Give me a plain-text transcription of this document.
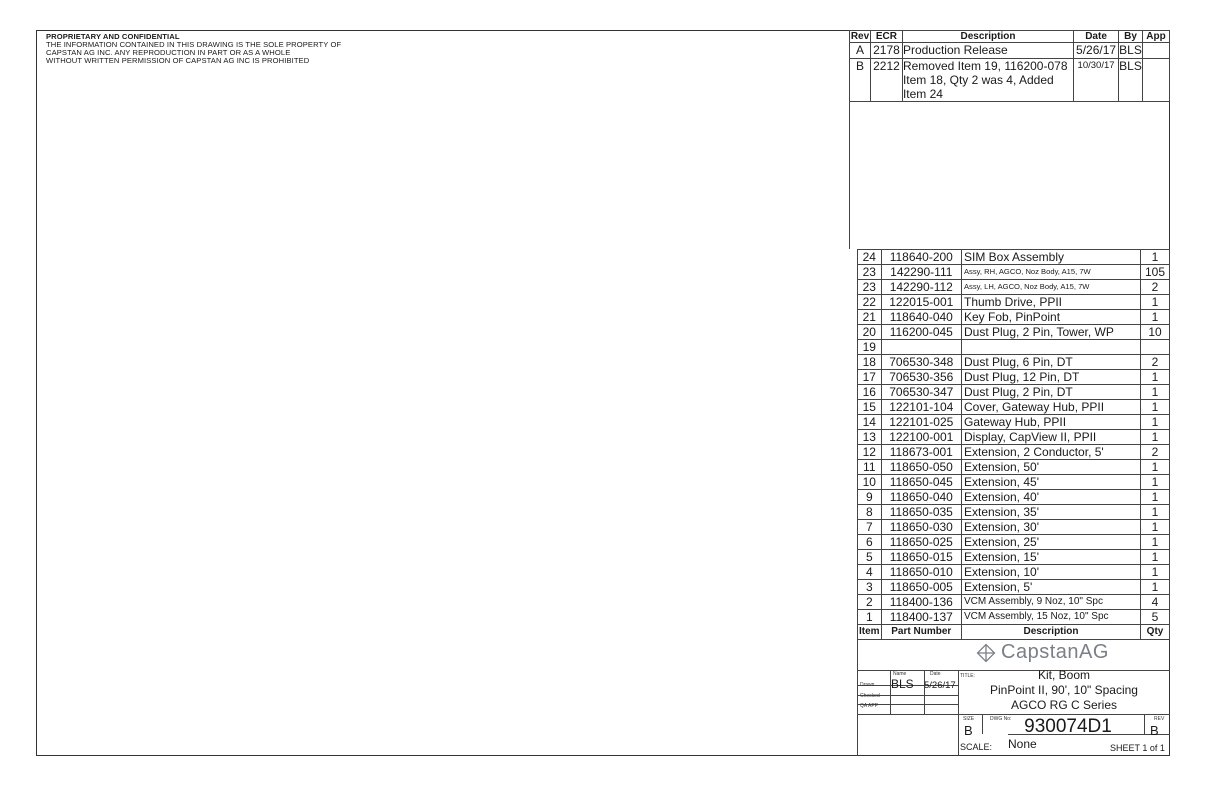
PROPRIETARY AND CONFIDENTIAL
THE INFORMATION CONTAINED IN THIS DRAWING IS THE SOLE PROPERTY OF
CAPSTAN AG INC. ANY REPRODUCTION IN PART OR AS A WHOLE
WITHOUT WRITTEN PERMISSION OF CAPSTAN AG INC IS PROHIBITED
Rev	ECR	Description	Date	By	App
A	2178	Production Release	5/26/17	BLS	
B	2212	Removed Item 19, 116200-078 Item 18, Qty 2 was 4, Added Item 24	10/30/17	BLS	
24	118640-200	SIM Box Assembly	1
23	142290-111	Assy, RH, AGCO, Noz Body, A15, 7W	105
23	142290-112	Assy, LH, AGCO, Noz Body, A15, 7W	2
22	122015-001	Thumb Drive, PPII	1
21	118640-040	Key Fob, PinPoint	1
20	116200-045	Dust Plug, 2 Pin, Tower, WP	10
19			
18	706530-348	Dust Plug, 6 Pin, DT	2
17	706530-356	Dust Plug, 12 Pin, DT	1
16	706530-347	Dust Plug, 2 Pin, DT	1
15	122101-104	Cover, Gateway Hub, PPII	1
14	122101-025	Gateway Hub, PPII	1
13	122100-001	Display, CapView II, PPII	1
12	118673-001	Extension, 2 Conductor, 5'	2
11	118650-050	Extension, 50'	1
10	118650-045	Extension, 45'	1
9	118650-040	Extension, 40'	1
8	118650-035	Extension, 35'	1
7	118650-030	Extension, 30'	1
6	118650-025	Extension, 25'	1
5	118650-015	Extension, 15'	1
4	118650-010	Extension, 10'	1
3	118650-005	Extension, 5'	1
2	118400-136	VCM Assembly, 9 Noz, 10" Spc	4
1	118400-137	VCM Assembly, 15 Noz, 10" Spc	5
Item	Part Number	Description	Qty
CapstanAG
Name	Date
Drawn
Checked
QA APP
BLS 5/26/17
TITLE:	Kit, Boom
PinPoint II, 90', 10" Spacing
AGCO RG C Series
SIZE
B
DWG No: 930074D1	REV
B
SCALE: None	SHEET 1 of 1
